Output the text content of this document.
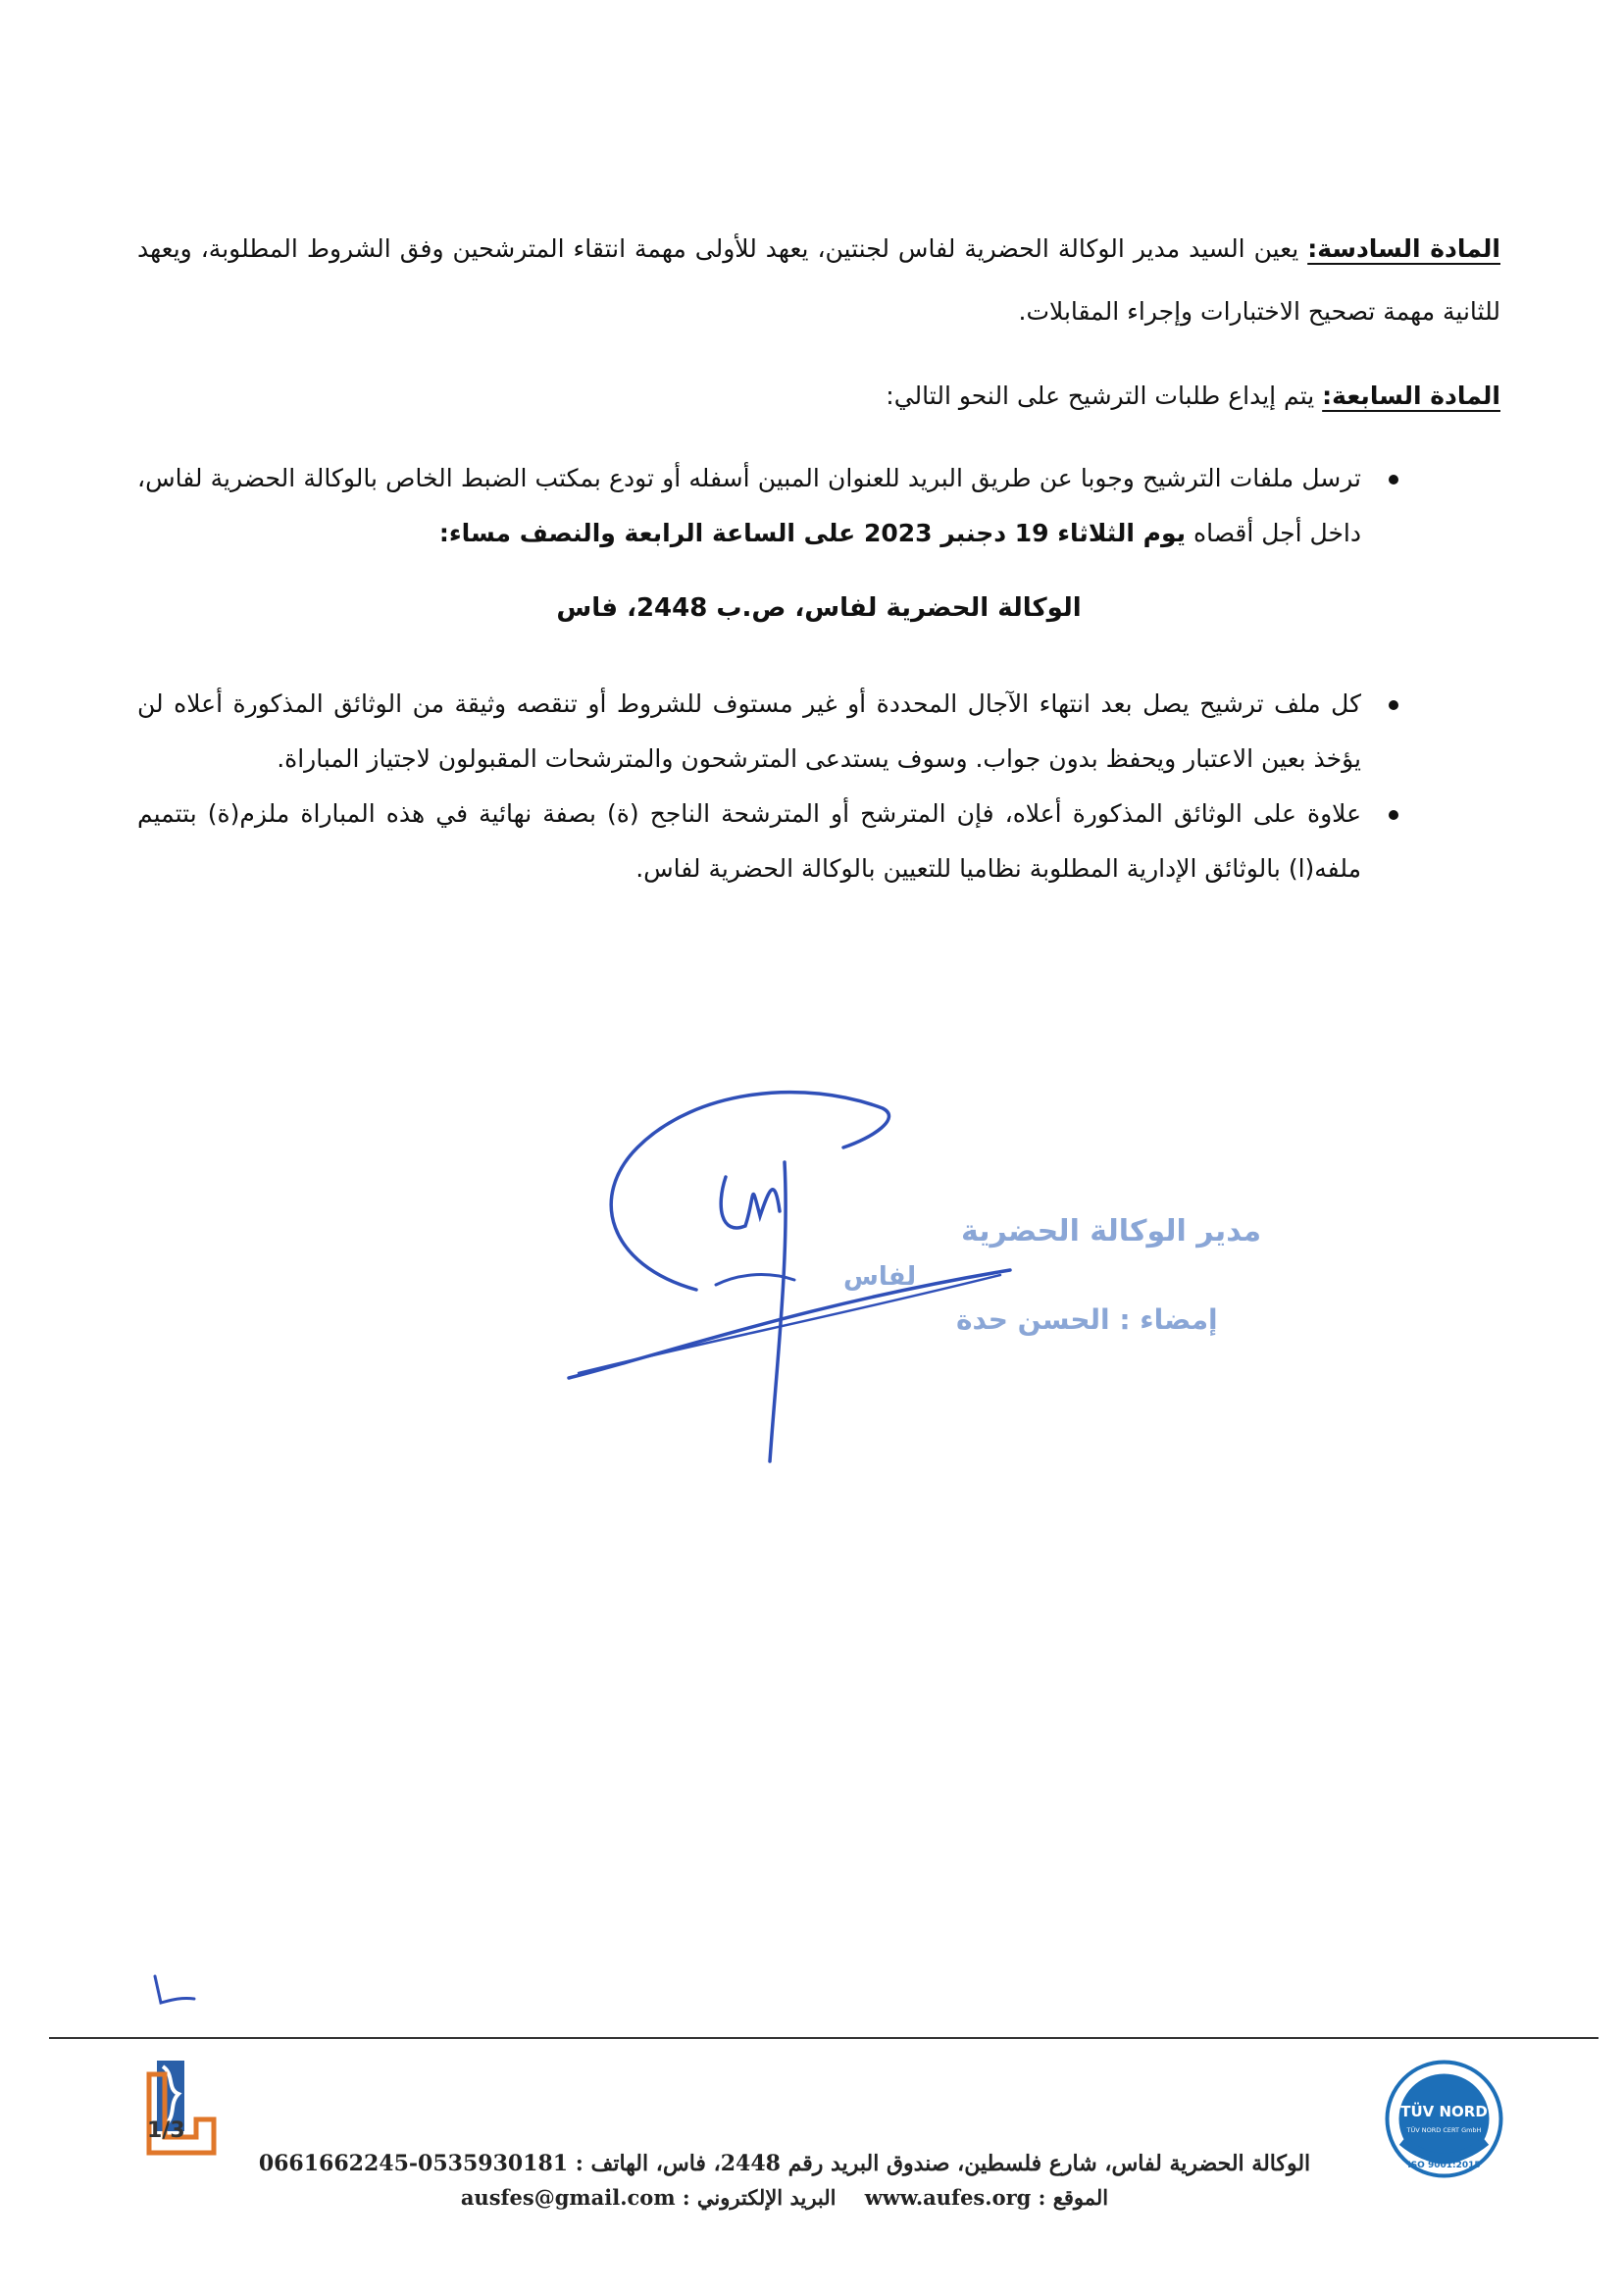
المادة السادسة: يعين السيد مدير الوكالة الحضرية لفاس لجنتين، يعهد للأولى مهمة انتقاء المترشحين وفق الشروط المطلوبة، ويعهد للثانية مهمة تصحيح الاختبارات وإجراء المقابلات.
المادة السابعة: يتم إيداع طلبات الترشيح على النحو التالي:
ترسل ملفات الترشيح وجوبا عن طريق البريد للعنوان المبين أسفله أو تودع بمكتب الضبط الخاص بالوكالة الحضرية لفاس، داخل أجل أقصاه يوم الثلاثاء 19 دجنبر 2023 على الساعة الرابعة والنصف مساء:
الوكالة الحضرية لفاس، ص.ب 2448، فاس
كل ملف ترشيح يصل بعد انتهاء الآجال المحددة أو غير مستوف للشروط أو تنقصه وثيقة من الوثائق المذكورة أعلاه لن يؤخذ بعين الاعتبار ويحفظ بدون جواب. وسوف يستدعى المترشحون والمترشحات المقبولون لاجتياز المباراة.
علاوة على الوثائق المذكورة أعلاه، فإن المترشح أو المترشحة الناجح (ة) بصفة نهائية في هذه المباراة ملزم(ة) بتتميم ملفه(ا) بالوثائق الإدارية المطلوبة نظاميا للتعيين بالوكالة الحضرية لفاس.
مدير الوكالة الحضرية
لفاس
إمضاء : الحسن حدة
1/3
TÜV NORD
TÜV NORD CERT GmbH
ISO 9001:2015
الوكالة الحضرية لفاس، شارع فلسطين، صندوق البريد رقم 2448، فاس، الهاتف : 0535930181-0661662245
الموقع : www.aufes.org    البريد الإلكتروني : ausfes@gmail.com
